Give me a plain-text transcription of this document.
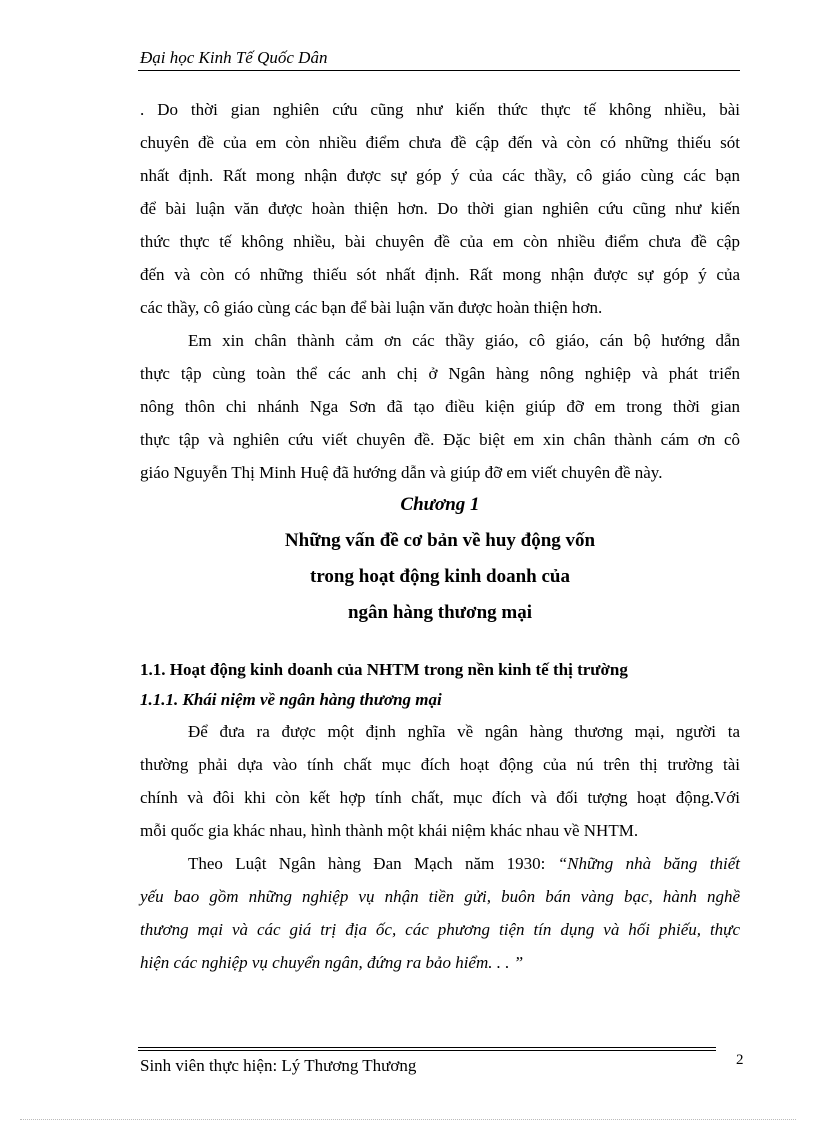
Đại học Kinh Tế Quốc Dân
. Do thời gian nghiên cứu cũng như kiến thức thực tế không nhiều, bài
chuyên đề của em còn nhiều điểm chưa đề cập đến và còn có những thiếu sót
nhất định. Rất mong nhận được sự góp ý của các thầy, cô giáo cùng các bạn
để bài luận văn được hoàn thiện hơn. Do thời gian nghiên cứu cũng như kiến
thức thực tế không nhiều, bài chuyên đề của em còn nhiều điểm chưa đề cập
đến và còn có những thiếu sót nhất định. Rất mong nhận được sự góp ý của
các thầy, cô giáo cùng các bạn để bài luận văn được hoàn thiện hơn.
Em xin chân thành cảm ơn các thầy giáo, cô giáo, cán bộ hướng dẫn
thực tập cùng toàn thể các anh chị ở Ngân hàng nông nghiệp và phát triển
nông thôn chi nhánh Nga Sơn đã tạo điều kiện giúp đỡ em trong thời gian
thực tập và nghiên cứu viết chuyên đề. Đặc biệt em xin chân thành cám ơn cô
giáo Nguyễn Thị Minh Huệ đã hướng dẫn và giúp đỡ em viết chuyên đề này.
Chương 1
Những vấn đề cơ bản về huy động vốn
trong hoạt động kinh doanh của
ngân hàng thương mại
1.1. Hoạt động kinh doanh của NHTM trong nền kinh tế thị trường
1.1.1. Khái niệm về ngân hàng thương mại
Để đưa ra được một định nghĩa về ngân hàng thương mại, người ta
thường phải dựa vào tính chất mục đích hoạt động của nú trên thị trường tài
chính và đôi khi còn kết hợp tính chất, mục đích và đối tượng hoạt động.Với
mỗi quốc gia khác nhau, hình thành một khái niệm khác nhau về NHTM.
Theo Luật Ngân hàng Đan Mạch năm 1930: “Những nhà băng thiết
yếu bao gồm những nghiệp vụ nhận tiền gửi, buôn bán vàng bạc, hành nghề
thương mại và các giá trị địa ốc, các phương tiện tín dụng và hối phiếu, thực
hiện các nghiệp vụ chuyển ngân, đứng ra bảo hiểm. . . ”
Sinh viên thực hiện: Lý Thương Thương	2
